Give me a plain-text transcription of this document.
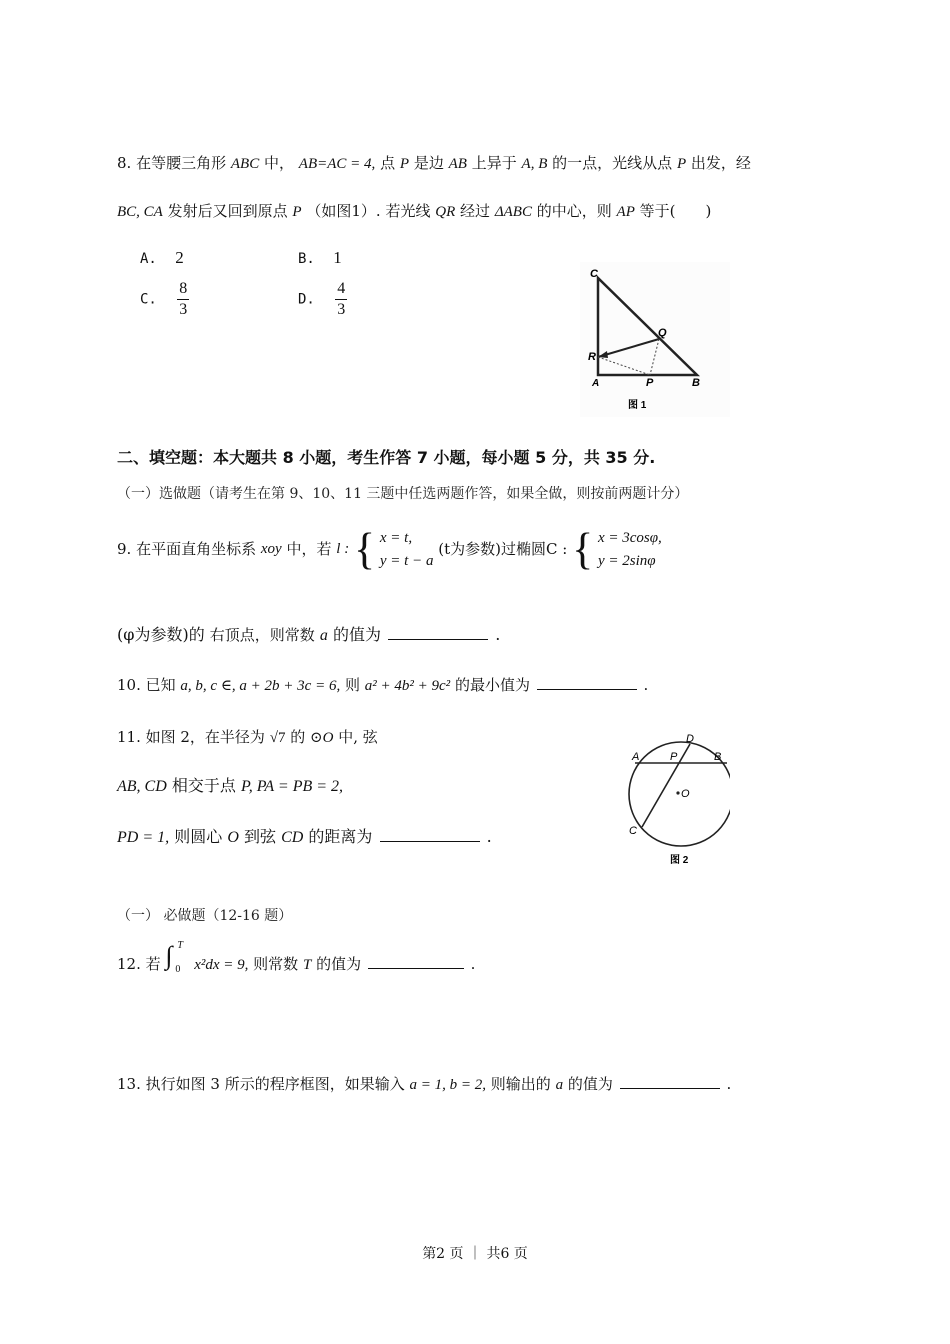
8. 在等腰三角形 ABC 中， AB=AC = 4, 点 P 是边 AB 上异于 A, B 的一点，光线从点 P 出发，经
BC, CA 发射后又回到原点 P （如图1）. 若光线 QR 经过 ΔABC 的中心，则 AP 等于(　　)
A. 2	B. 1
C. $\frac{8}{3}$	D. $\frac{4}{3}$
C
Q
R
A	P	B
图 1
二、填空题：本大题共 8 小题，考生作答 7 小题，每小题 5 分，共 35 分.
（一）选做题（请考生在第 9、10、11 三题中任选两题作答，如果全做，则按前两题计分）
9. 在平面直角坐标系 xoy 中，若 l : { x = t,
y = t − a
(t为参数)过椭圆C : { x = 3cosφ,
y = 2sinφ
(φ为参数)的 右顶点，则常数 a 的值为	.
10. 已知 a, b, c ∈, a + 2b + 3c = 6, 则 a² + 4b² + 9c² 的最小值为	.
11. 如图 2，在半径为 √7 的 ⊙O 中, 弦
AB, CD 相交于点 P, PA = PB = 2,
PD = 1, 则圆心 O 到弦 CD 的距离为	.
A
D
P	B
O
C
图 2
（一） 必做题（12-16 题）
12. 若 ∫ T
0 x²dx = 9, 则常数 T 的值为	.
13. 执行如图 3 所示的程序框图，如果输入 a = 1, b = 2, 则输出的 a 的值为	.
第2 页 ｜ 共6 页
